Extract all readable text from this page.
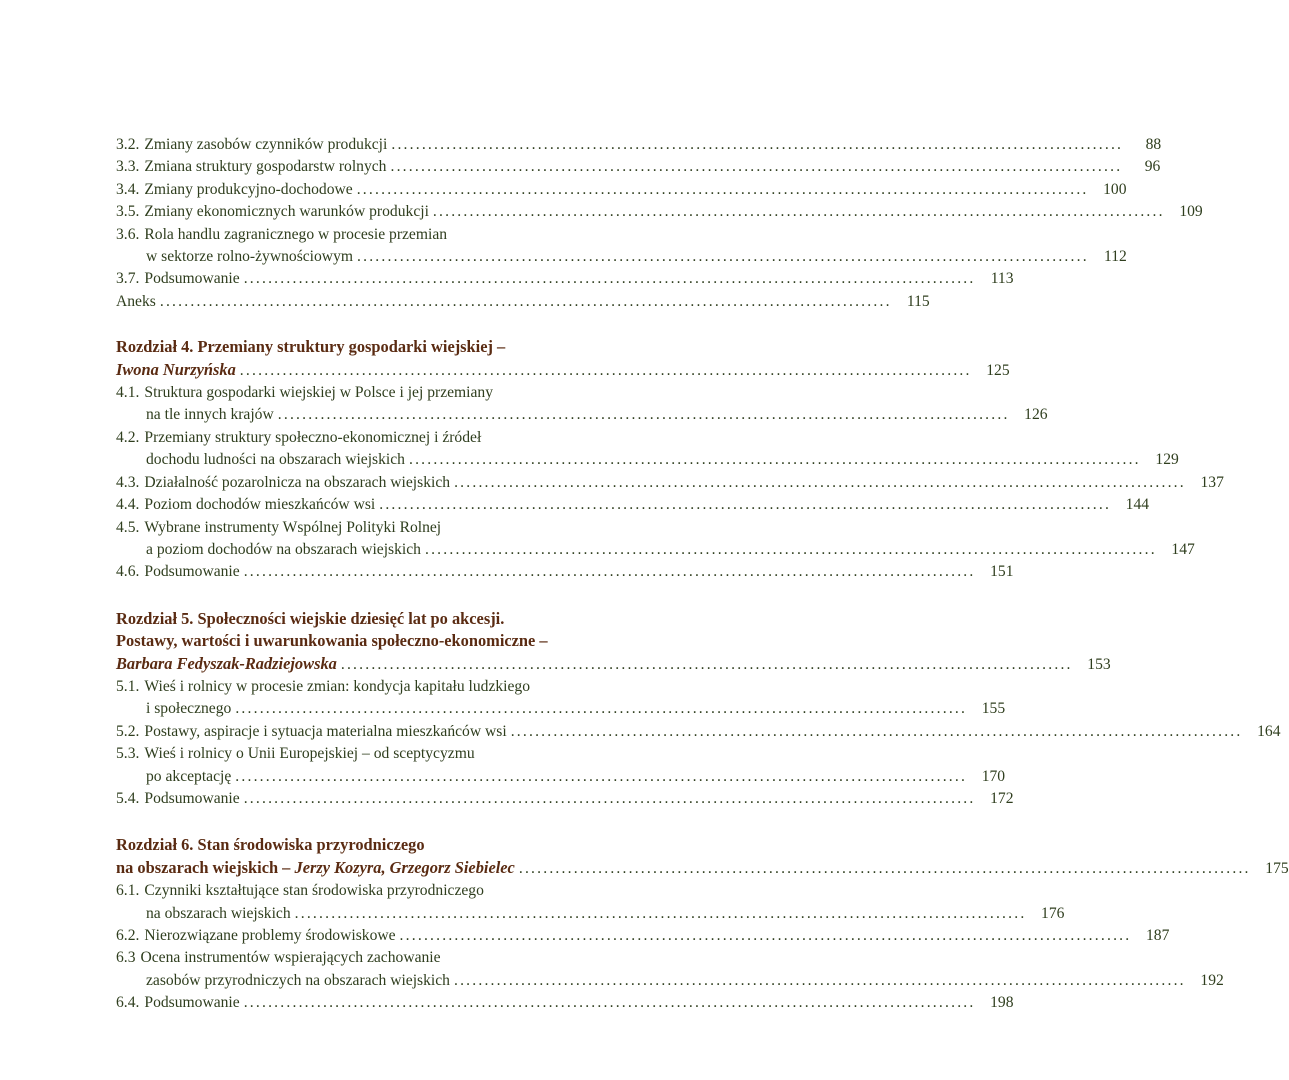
3.2. Zmiany zasobów czynników produkcji ........................................................................................................................	88
3.3. Zmiana struktury gospodarstw rolnych ........................................................................................................................	96
3.4. Zmiany produkcyjno-dochodowe ........................................................................................................................ 100
3.5. Zmiany ekonomicznych warunków produkcji ........................................................................................................................ 109
3.6. Rola handlu zagranicznego w procesie przemian
w sektorze rolno-żywnościowym ........................................................................................................................ 112
3.7. Podsumowanie ........................................................................................................................ 113
Aneks ........................................................................................................................ 115
Rozdział 4. Przemiany struktury gospodarki wiejskiej –
Iwona Nurzyńska ........................................................................................................................ 125
4.1. Struktura gospodarki wiejskiej w Polsce i jej przemiany
na tle innych krajów ........................................................................................................................ 126
4.2. Przemiany struktury społeczno-ekonomicznej i źródeł
dochodu ludności na obszarach wiejskich ........................................................................................................................ 129
4.3. Działalność pozarolnicza na obszarach wiejskich ........................................................................................................................ 137
4.4. Poziom dochodów mieszkańców wsi ........................................................................................................................ 144
4.5. Wybrane instrumenty Wspólnej Polityki Rolnej
a poziom dochodów na obszarach wiejskich ........................................................................................................................ 147
4.6. Podsumowanie ........................................................................................................................ 151
Rozdział 5. Społeczności wiejskie dziesięć lat po akcesji.
Postawy, wartości i uwarunkowania społeczno-ekonomiczne –
Barbara Fedyszak-Radziejowska ........................................................................................................................ 153
5.1. Wieś i rolnicy w procesie zmian: kondycja kapitału ludzkiego
i społecznego ........................................................................................................................ 155
5.2. Postawy, aspiracje i sytuacja materialna mieszkańców wsi ........................................................................................................................ 164
5.3. Wieś i rolnicy o Unii Europejskiej – od sceptycyzmu
po akceptację ........................................................................................................................ 170
5.4. Podsumowanie ........................................................................................................................ 172
Rozdział 6. Stan środowiska przyrodniczego
na obszarach wiejskich – Jerzy Kozyra, Grzegorz Siebielec ........................................................................................................................ 175
6.1. Czynniki kształtujące stan środowiska przyrodniczego
na obszarach wiejskich ........................................................................................................................ 176
6.2. Nierozwiązane problemy środowiskowe ........................................................................................................................ 187
6.3 Ocena instrumentów wspierających zachowanie
zasobów przyrodniczych na obszarach wiejskich ........................................................................................................................ 192
6.4. Podsumowanie ........................................................................................................................ 198
